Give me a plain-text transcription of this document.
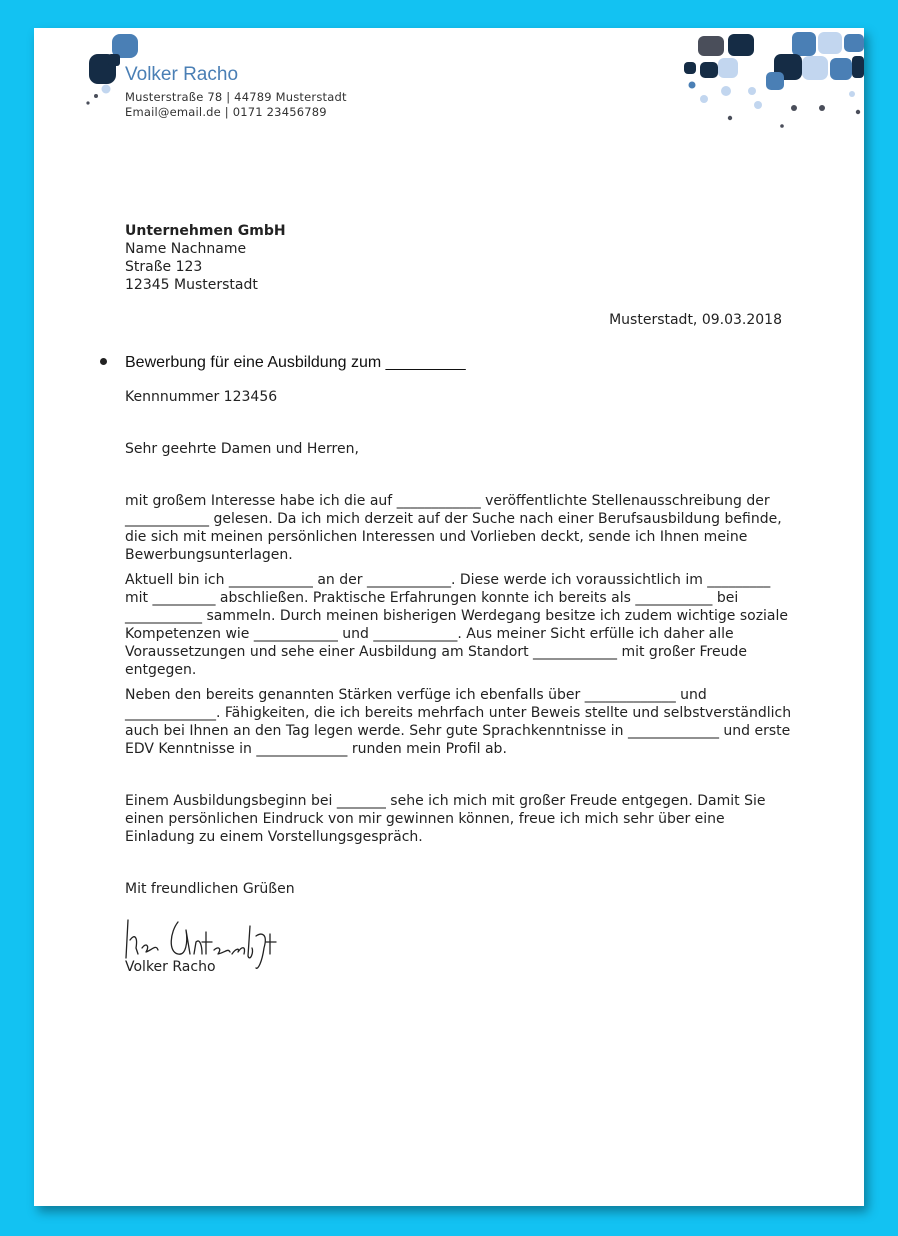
Volker Racho
Musterstraße 78 | 44789 Musterstadt
Email@email.de | 0171 23456789
Unternehmen GmbH
Name Nachname
Straße 123
12345 Musterstadt
Musterstadt, 09.03.2018
Bewerbung für eine Ausbildung zum _________
Kennnummer 123456
Sehr geehrte Damen und Herren,
mit großem Interesse habe ich die auf ____________ veröffentlichte Stellenausschreibung der ____________ gelesen. Da ich mich derzeit auf der Suche nach einer Berufsausbildung befinde, die sich mit meinen persönlichen Interessen und Vorlieben deckt, sende ich Ihnen meine Bewerbungsunterlagen.
Aktuell bin ich ____________ an der ____________. Diese werde ich voraussichtlich im _________ mit _________ abschließen. Praktische Erfahrungen konnte ich bereits als ___________ bei ___________ sammeln. Durch meinen bisherigen Werdegang besitze ich zudem wichtige soziale Kompetenzen wie ____________ und ____________. Aus meiner Sicht erfülle ich daher alle Voraussetzungen und sehe einer Ausbildung am Standort ____________ mit großer Freude entgegen.
Neben den bereits genannten Stärken verfüge ich ebenfalls über _____________ und _____________. Fähigkeiten, die ich bereits mehrfach unter Beweis stellte und selbstverständlich auch bei Ihnen an den Tag legen werde. Sehr gute Sprachkenntnisse in _____________ und erste EDV Kenntnisse in _____________ runden mein Profil ab.
Einem Ausbildungsbeginn bei _______ sehe ich mich mit großer Freude entgegen. Damit Sie einen persönlichen Eindruck von mir gewinnen können, freue ich mich sehr über eine Einladung zu einem Vorstellungsgespräch.
Mit freundlichen Grüßen
Volker Racho
